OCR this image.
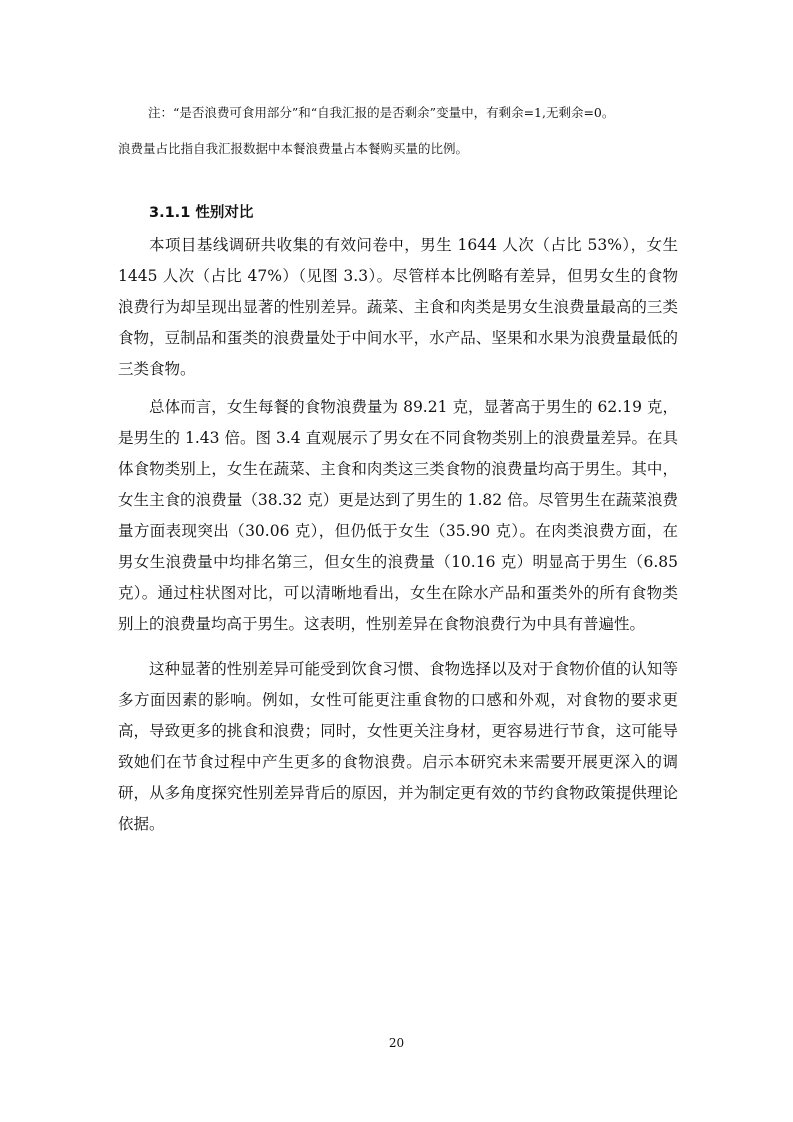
注：“是否浪费可食用部分”和“自我汇报的是否剩余”变量中，有剩余=1,无剩余=0。
浪费量占比指自我汇报数据中本餐浪费量占本餐购买量的比例。
3.1.1 性别对比

本项目基线调研共收集的有效问卷中，男生 1644 人次（占比 53%），女生 1445 人次（占比 47%）（见图 3.3）。尽管样本比例略有差异，但男女生的食物浪费行为却呈现出显著的性别差异。蔬菜、主食和肉类是男女生浪费量最高的三类食物，豆制品和蛋类的浪费量处于中间水平，水产品、坚果和水果为浪费量最低的三类食物。

总体而言，女生每餐的食物浪费量为 89.21 克，显著高于男生的 62.19 克，是男生的 1.43 倍。图 3.4 直观展示了男女在不同食物类别上的浪费量差异。在具体食物类别上，女生在蔬菜、主食和肉类这三类食物的浪费量均高于男生。其中，女生主食的浪费量（38.32 克）更是达到了男生的 1.82 倍。尽管男生在蔬菜浪费量方面表现突出（30.06 克），但仍低于女生（35.90 克）。在肉类浪费方面，在男女生浪费量中均排名第三，但女生的浪费量（10.16 克）明显高于男生（6.85 克）。通过柱状图对比，可以清晰地看出，女生在除水产品和蛋类外的所有食物类别上的浪费量均高于男生。这表明，性别差异在食物浪费行为中具有普遍性。

这种显著的性别差异可能受到饮食习惯、食物选择以及对于食物价值的认知等多方面因素的影响。例如，女性可能更注重食物的口感和外观，对食物的要求更高，导致更多的挑食和浪费；同时，女性更关注身材，更容易进行节食，这可能导致她们在节食过程中产生更多的食物浪费。启示本研究未来需要开展更深入的调研，从多角度探究性别差异背后的原因，并为制定更有效的节约食物政策提供理论依据。

20
